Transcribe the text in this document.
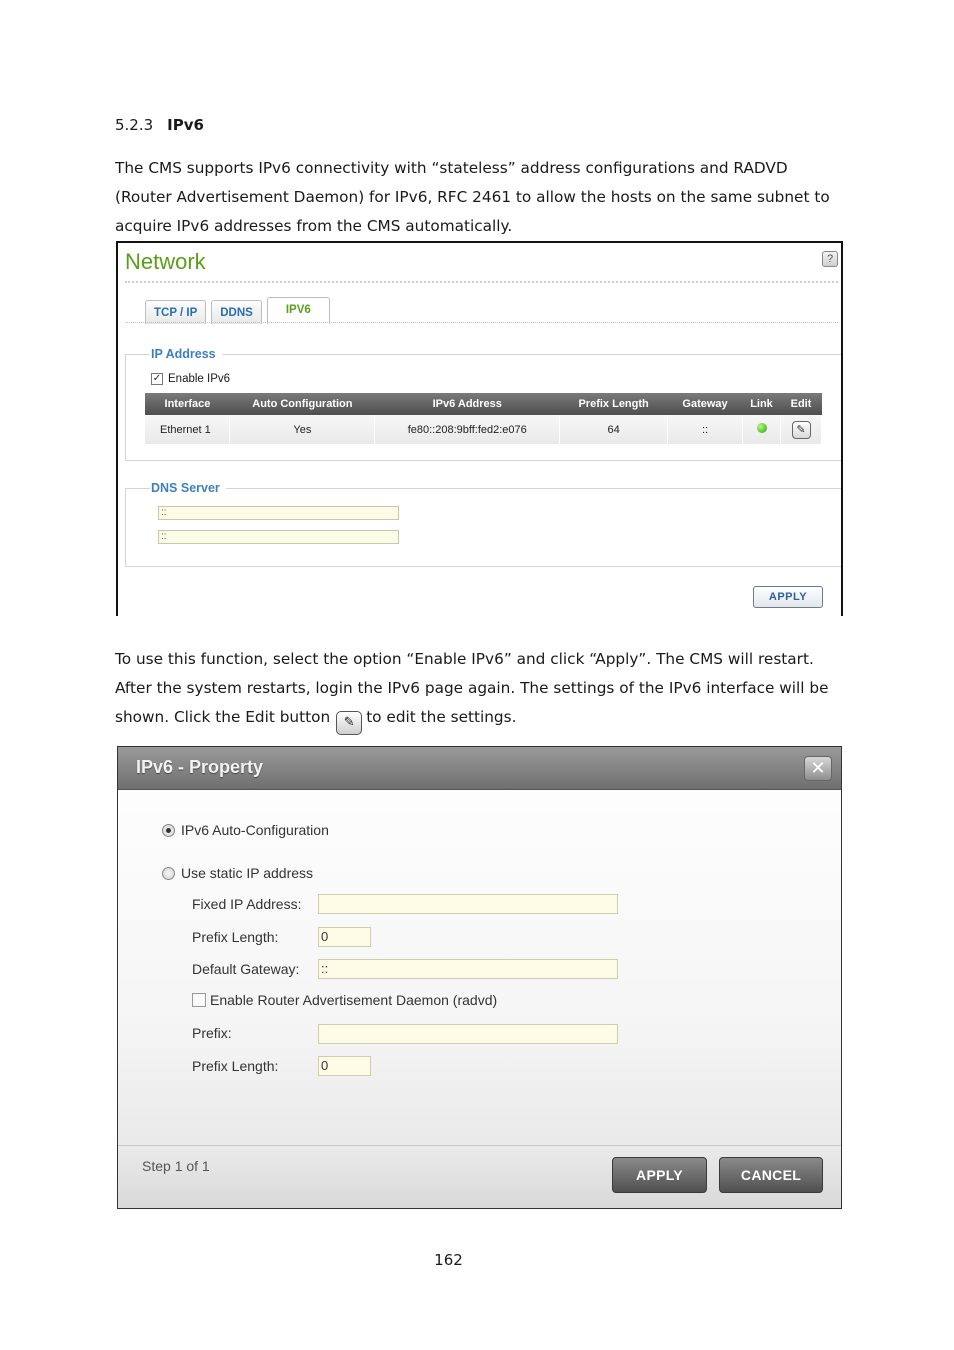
5.2.3 IPv6

The CMS supports IPv6 connectivity with “stateless” address configurations and RADVD (Router Advertisement Daemon) for IPv6, RFC 2461 to allow the hosts on the same subnet to acquire IPv6 addresses from the CMS automatically.

Network	?
TCP / IP	DDNS	IPV6
IP Address
✓ Enable IPv6
Interface	Auto Configuration	IPv6 Address	Prefix Length	Gateway	Link	Edit
Ethernet 1	Yes	fe80::208:9bff:fed2:e076	64	::		✎
DNS Server
::
::
APPLY

To use this function, select the option “Enable IPv6” and click “Apply”. The CMS will restart. After the system restarts, login the IPv6 page again. The settings of the IPv6 interface will be shown. Click the Edit button ✎ to edit the settings.

IPv6 - Property	✕
IPv6 Auto-Configuration
Use static IP address
Fixed IP Address:
Prefix Length:	0
Default Gateway: ::
Enable Router Advertisement Daemon (radvd)
Prefix:
Prefix Length:	0
Step 1 of 1
APPLY	CANCEL
162
